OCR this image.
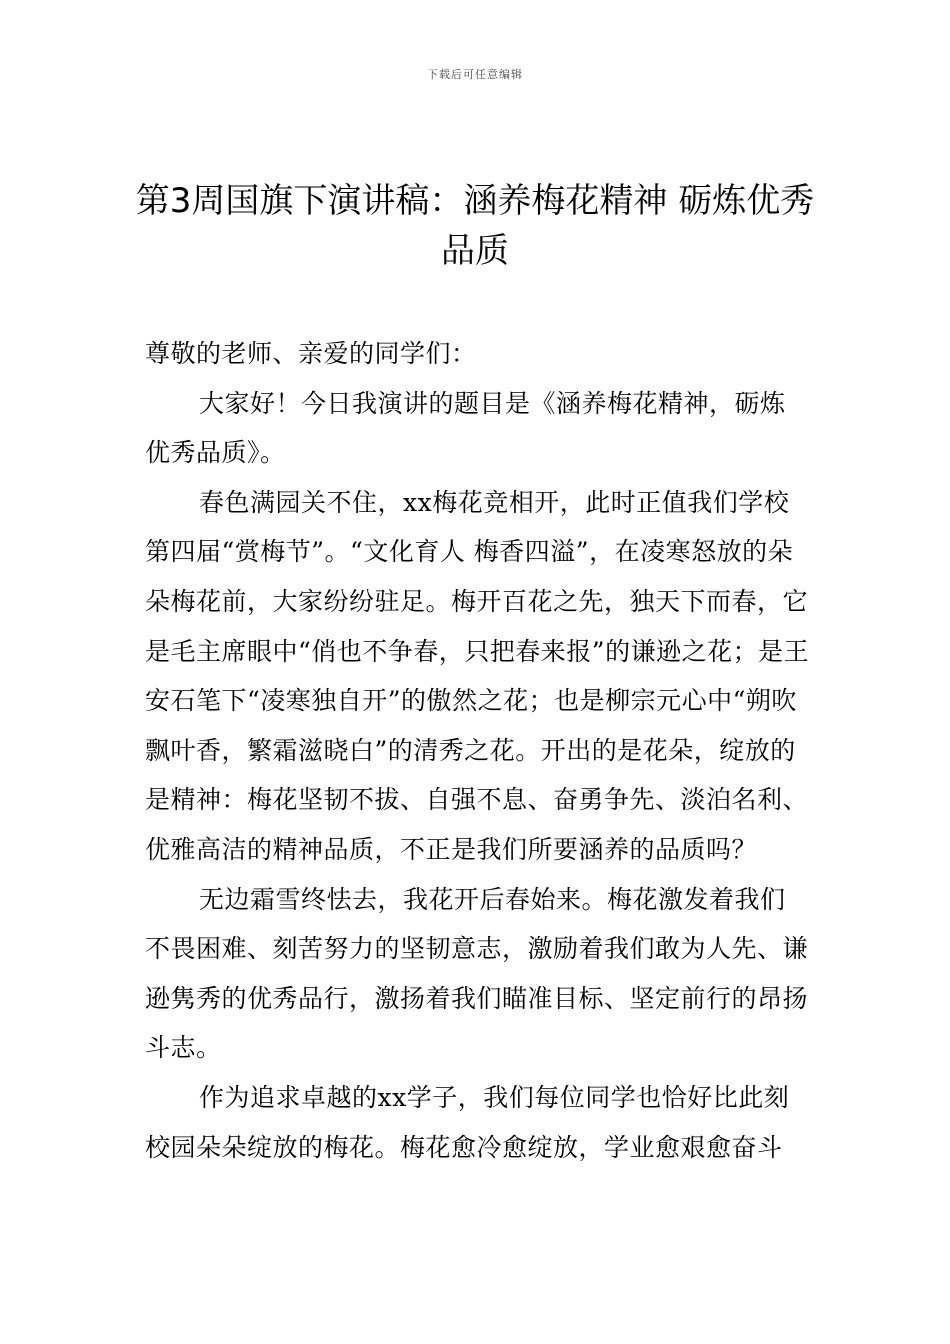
下载后可任意编辑
第3周国旗下演讲稿：涵养梅花精神 砺炼优秀品质

尊敬的老师、亲爱的同学们：

大家好！今日我演讲的题目是《涵养梅花精神，砺炼优秀品质》。

春色满园关不住，xx梅花竞相开，此时正值我们学校第四届“赏梅节”。“文化育人 梅香四溢”，在凌寒怒放的朵朵梅花前，大家纷纷驻足。梅开百花之先，独天下而春，它是毛主席眼中“俏也不争春，只把春来报”的谦逊之花；是王安石笔下“凌寒独自开”的傲然之花；也是柳宗元心中“朔吹飘叶香，繁霜滋晓白”的清秀之花。开出的是花朵，绽放的是精神：梅花坚韧不拔、自强不息、奋勇争先、淡泊名利、优雅高洁的精神品质，不正是我们所要涵养的品质吗？

无边霜雪终怯去，我花开后春始来。梅花激发着我们不畏困难、刻苦努力的坚韧意志，激励着我们敢为人先、谦逊隽秀的优秀品行，激扬着我们瞄准目标、坚定前行的昂扬斗志。

作为追求卓越的xx学子，我们每位同学也恰好比此刻校园朵朵绽放的梅花。梅花愈冷愈绽放，学业愈艰愈奋斗
